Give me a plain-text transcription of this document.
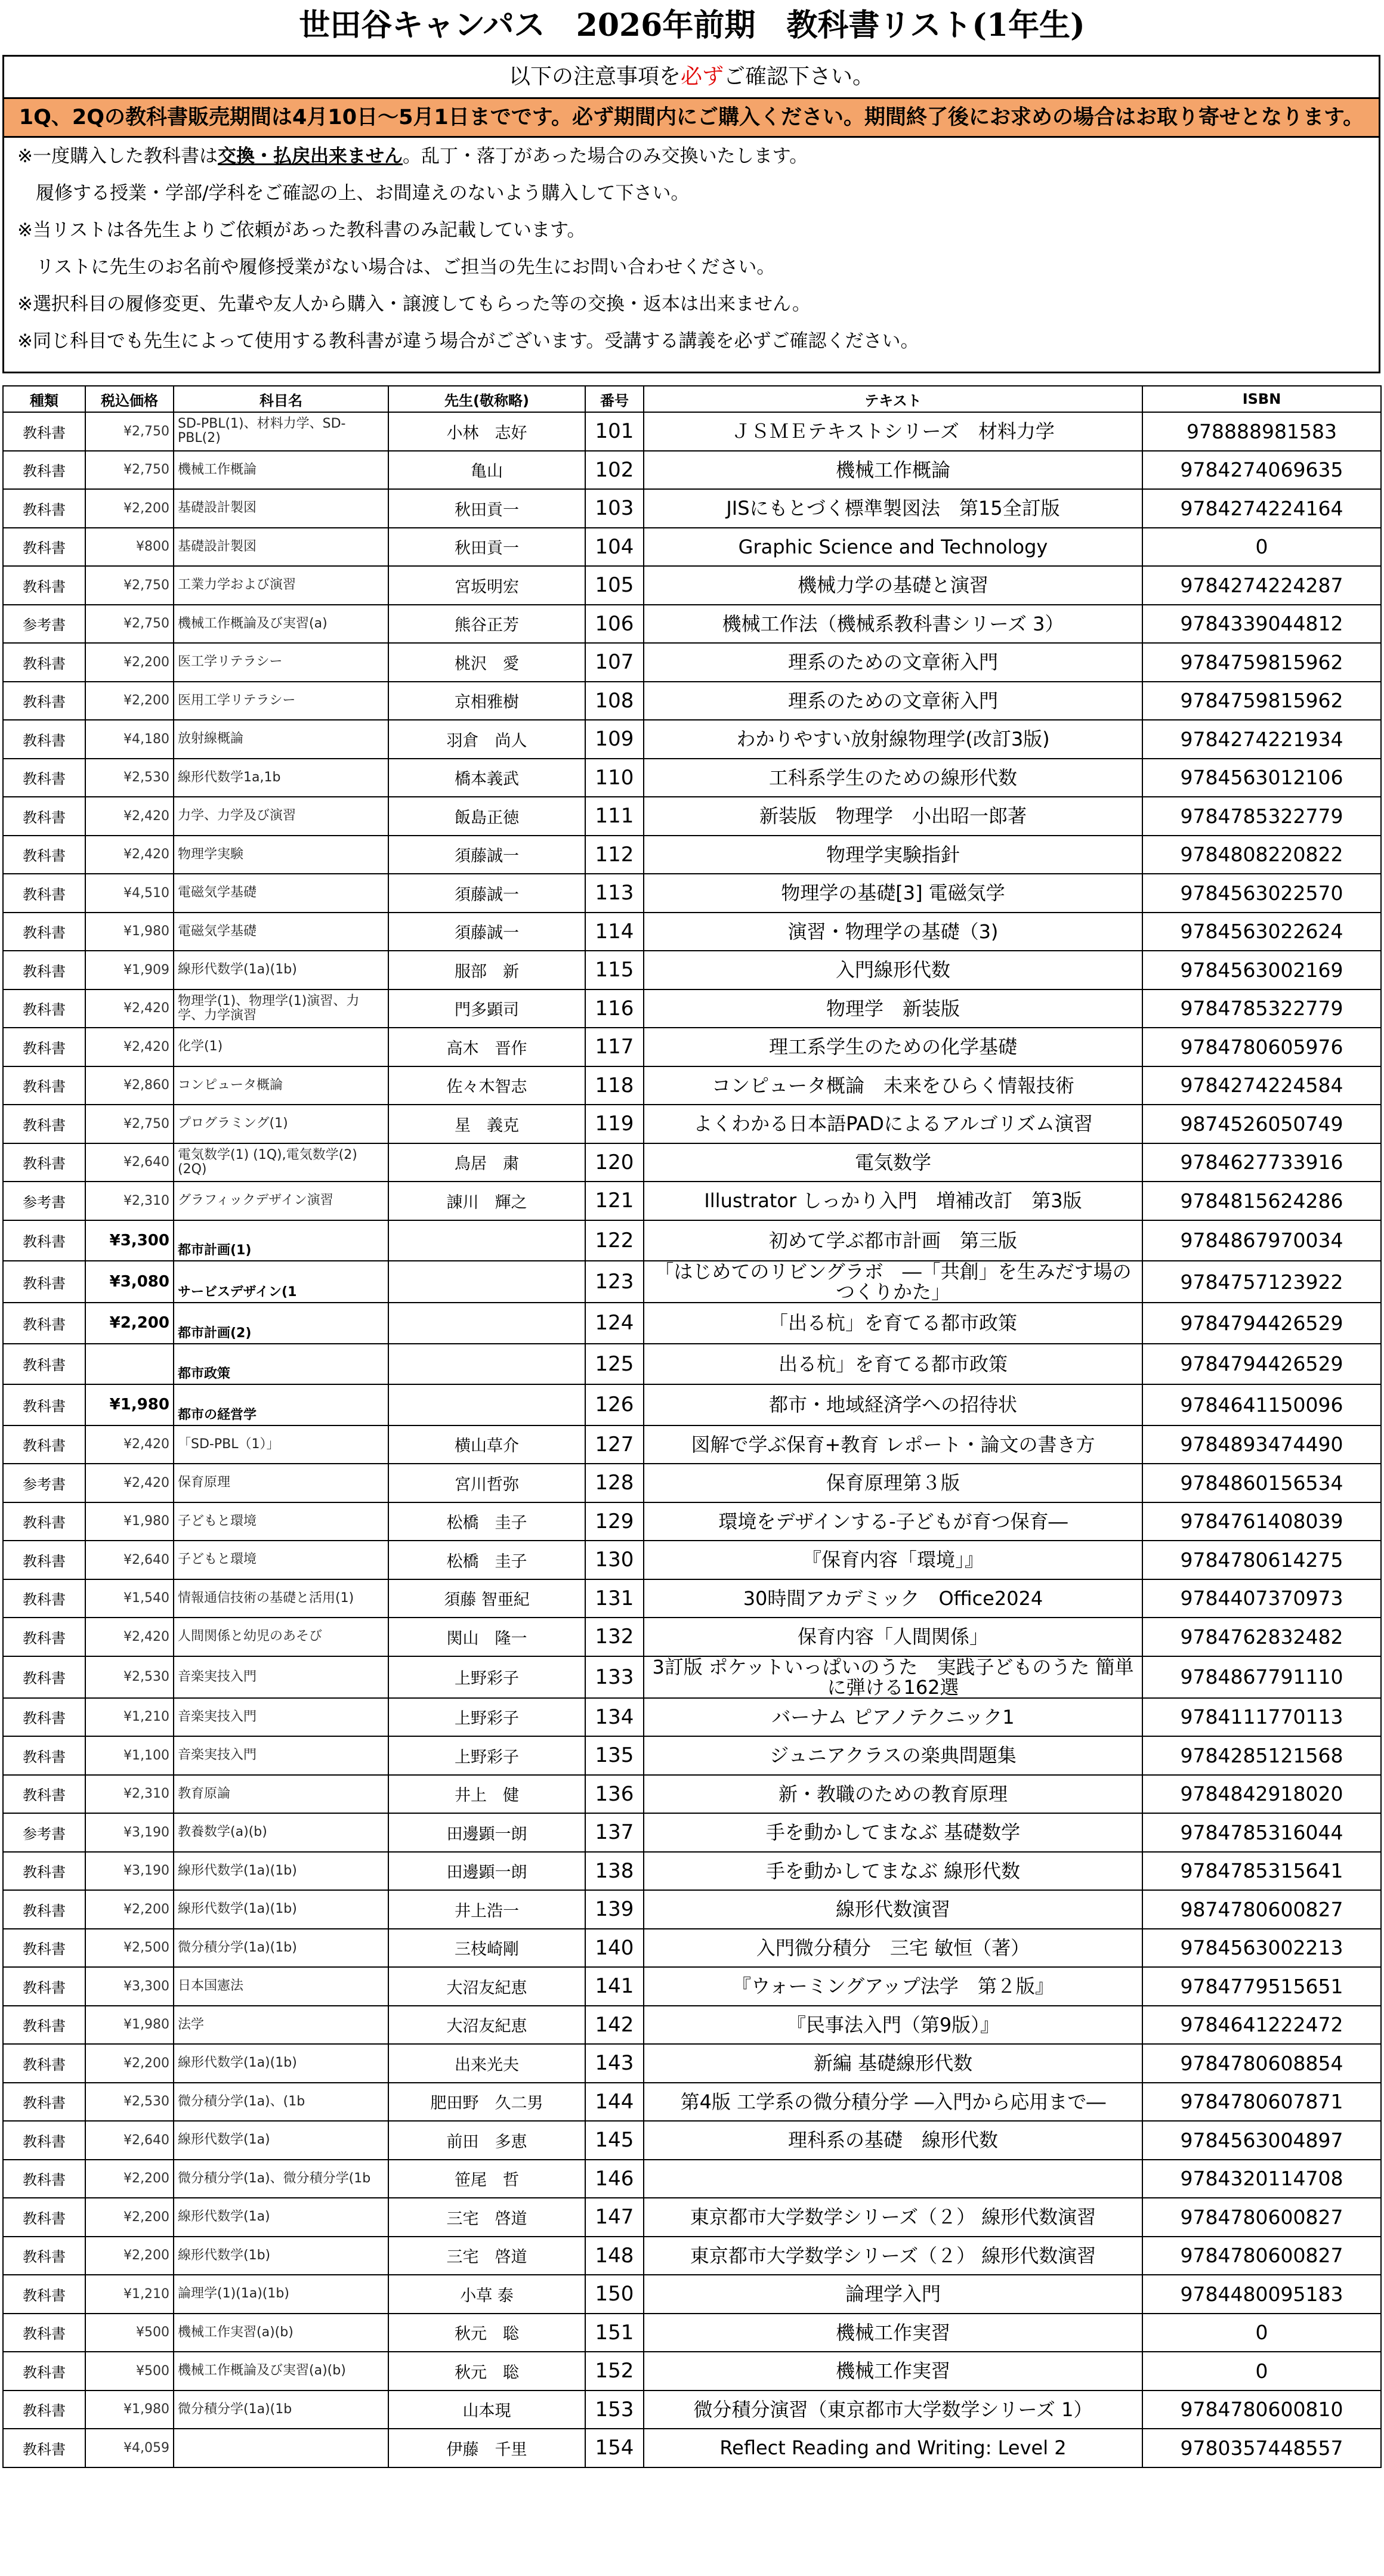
世田谷キャンパス　2026年前期　教科書リスト(1年生)
以下の注意事項を必ずご確認下さい。
1Q、2Qの教科書販売期間は4月10日～5月1日までです。必ず期間内にご購入ください。期間終了後にお求めの場合はお取り寄せとなります。
※一度購入した教科書は交換・払戻出来ません。乱丁・落丁があった場合のみ交換いたします。
　履修する授業・学部/学科をご確認の上、お間違えのないよう購入して下さい。
※当リストは各先生よりご依頼があった教科書のみ記載しています。
　リストに先生のお名前や履修授業がない場合は、ご担当の先生にお問い合わせください。
※選択科目の履修変更、先輩や友人から購入・譲渡してもらった等の交換・返本は出来ません。
※同じ科目でも先生によって使用する教科書が違う場合がございます。受講する講義を必ずご確認ください。
種類	税込価格	科目名	先生(敬称略)	番号	テキスト	ISBN
教科書	¥2,750	SD-PBL(1)、材料力学、SD-PBL(2)	小林　志好	101	ＪＳＭＥテキストシリーズ　材料力学	978888981583
教科書	¥2,750	機械工作概論	亀山	102	機械工作概論	9784274069635
教科書	¥2,200	基礎設計製図	秋田貢一	103	JISにもとづく標準製図法　第15全訂版	9784274224164
教科書	¥800	基礎設計製図	秋田貢一	104	Graphic Science and Technology	0
教科書	¥2,750	工業力学および演習	宮坂明宏	105	機械力学の基礎と演習	9784274224287
参考書	¥2,750	機械工作概論及び実習(a)	熊谷正芳	106	機械工作法（機械系教科書シリーズ 3）	9784339044812
教科書	¥2,200	医工学リテラシー	桃沢　愛	107	理系のための文章術入門	9784759815962
教科書	¥2,200	医用工学リテラシー	京相雅樹	108	理系のための文章術入門	9784759815962
教科書	¥4,180	放射線概論	羽倉　尚人	109	わかりやすい放射線物理学(改訂3版)	9784274221934
教科書	¥2,530	線形代数学1a,1b	橋本義武	110	工科系学生のための線形代数	9784563012106
教科書	¥2,420	力学、力学及び演習	飯島正徳	111	新装版　物理学　小出昭一郎著	9784785322779
教科書	¥2,420	物理学実験	須藤誠一	112	物理学実験指針	9784808220822
教科書	¥4,510	電磁気学基礎	須藤誠一	113	物理学の基礎[3] 電磁気学	9784563022570
教科書	¥1,980	電磁気学基礎	須藤誠一	114	演習・物理学の基礎（3)	9784563022624
教科書	¥1,909	線形代数学(1a)(1b)	服部　新	115	入門線形代数	9784563002169
教科書	¥2,420	物理学(1)、物理学(1)演習、力学、力学演習	門多顕司	116	物理学　新装版	9784785322779
教科書	¥2,420	化学(1)	高木　晋作	117	理工系学生のための化学基礎	9784780605976
教科書	¥2,860	コンピュータ概論	佐々木智志	118	コンピュータ概論　未来をひらく情報技術	9784274224584
教科書	¥2,750	プログラミング(1)	星　義克	119	よくわかる日本語PADによるアルゴリズム演習	9874526050749
教科書	¥2,640	電気数学(1) (1Q),電気数学(2)(2Q)	鳥居　粛	120	電気数学	9784627733916
参考書	¥2,310	グラフィックデザイン演習	諌川　輝之	121	Illustrator しっかり入門　増補改訂　第3版	9784815624286
教科書	¥3,300	都市計画(1)		122	初めて学ぶ都市計画　第三版	9784867970034
教科書	¥3,080	サービスデザイン(1		123	「はじめてのリビングラボ　―「共創」を生みだす場のつくりかた」	9784757123922
教科書	¥2,200	都市計画(2)		124	「出る杭」を育てる都市政策	9784794426529
教科書		都市政策		125	出る杭」を育てる都市政策	9784794426529
教科書	¥1,980	都市の経営学		126	都市・地域経済学への招待状	9784641150096
教科書	¥2,420	「SD-PBL（1）」	横山草介	127	図解で学ぶ保育+教育 レポート・論文の書き方	9784893474490
参考書	¥2,420	保育原理	宮川哲弥	128	保育原理第３版	9784860156534
教科書	¥1,980	子どもと環境	松橋　圭子	129	環境をデザインする‐子どもが育つ保育―	9784761408039
教科書	¥2,640	子どもと環境	松橋　圭子	130	『保育内容「環境」』	9784780614275
教科書	¥1,540	情報通信技術の基礎と活用(1)	須藤 智亜紀	131	30時間アカデミック　Office2024	9784407370973
教科書	¥2,420	人間関係と幼児のあそび	関山　隆一	132	保育内容「人間関係」	9784762832482
教科書	¥2,530	音楽実技入門	上野彩子	133	3訂版 ポケットいっぱいのうた　実践子どものうた 簡単に弾ける162選	9784867791110
教科書	¥1,210	音楽実技入門	上野彩子	134	バーナム ピアノテクニック1	9784111770113
教科書	¥1,100	音楽実技入門	上野彩子	135	ジュニアクラスの楽典問題集	9784285121568
教科書	¥2,310	教育原論	井上　健	136	新・教職のための教育原理	9784842918020
参考書	¥3,190	教養数学(a)(b)	田邊顕一朗	137	手を動かしてまなぶ 基礎数学	9784785316044
教科書	¥3,190	線形代数学(1a)(1b)	田邊顕一朗	138	手を動かしてまなぶ 線形代数	9784785315641
教科書	¥2,200	線形代数学(1a)(1b)	井上浩一	139	線形代数演習	9874780600827
教科書	¥2,500	微分積分学(1a)(1b)	三枝崎剛	140	入門微分積分　三宅 敏恒（著）	9784563002213
教科書	¥3,300	日本国憲法	大沼友紀恵	141	『ウォーミングアップ法学　第２版』	9784779515651
教科書	¥1,980	法学	大沼友紀恵	142	『民事法入門（第9版）』	9784641222472
教科書	¥2,200	線形代数学(1a)(1b)	出来光夫	143	新編 基礎線形代数	9784780608854
教科書	¥2,530	微分積分学(1a)、(1b	肥田野　久二男	144	第4版 工学系の微分積分学 ―入門から応用まで―	9784780607871
教科書	¥2,640	線形代数学(1a)	前田　多恵	145	理科系の基礎　線形代数	9784563004897
教科書	¥2,200	微分積分学(1a)、微分積分学(1b	笹尾　哲	146		9784320114708
教科書	¥2,200	線形代数学(1a)	三宅　啓道	147	東京都市大学数学シリーズ（２） 線形代数演習	9784780600827
教科書	¥2,200	線形代数学(1b)	三宅　啓道	148	東京都市大学数学シリーズ（２） 線形代数演習	9784780600827
教科書	¥1,210	論理学(1)(1a)(1b)	小草 泰	150	論理学入門	9784480095183
教科書	¥500	機械工作実習(a)(b)	秋元　聡	151	機械工作実習	0
教科書	¥500	機械工作概論及び実習(a)(b)	秋元　聡	152	機械工作実習	0
教科書	¥1,980	微分積分学(1a)(1b	山本現	153	微分積分演習（東京都市大学数学シリーズ 1）	9784780600810
教科書	¥4,059		伊藤　千里	154	Reflect Reading and Writing: Level 2	9780357448557
